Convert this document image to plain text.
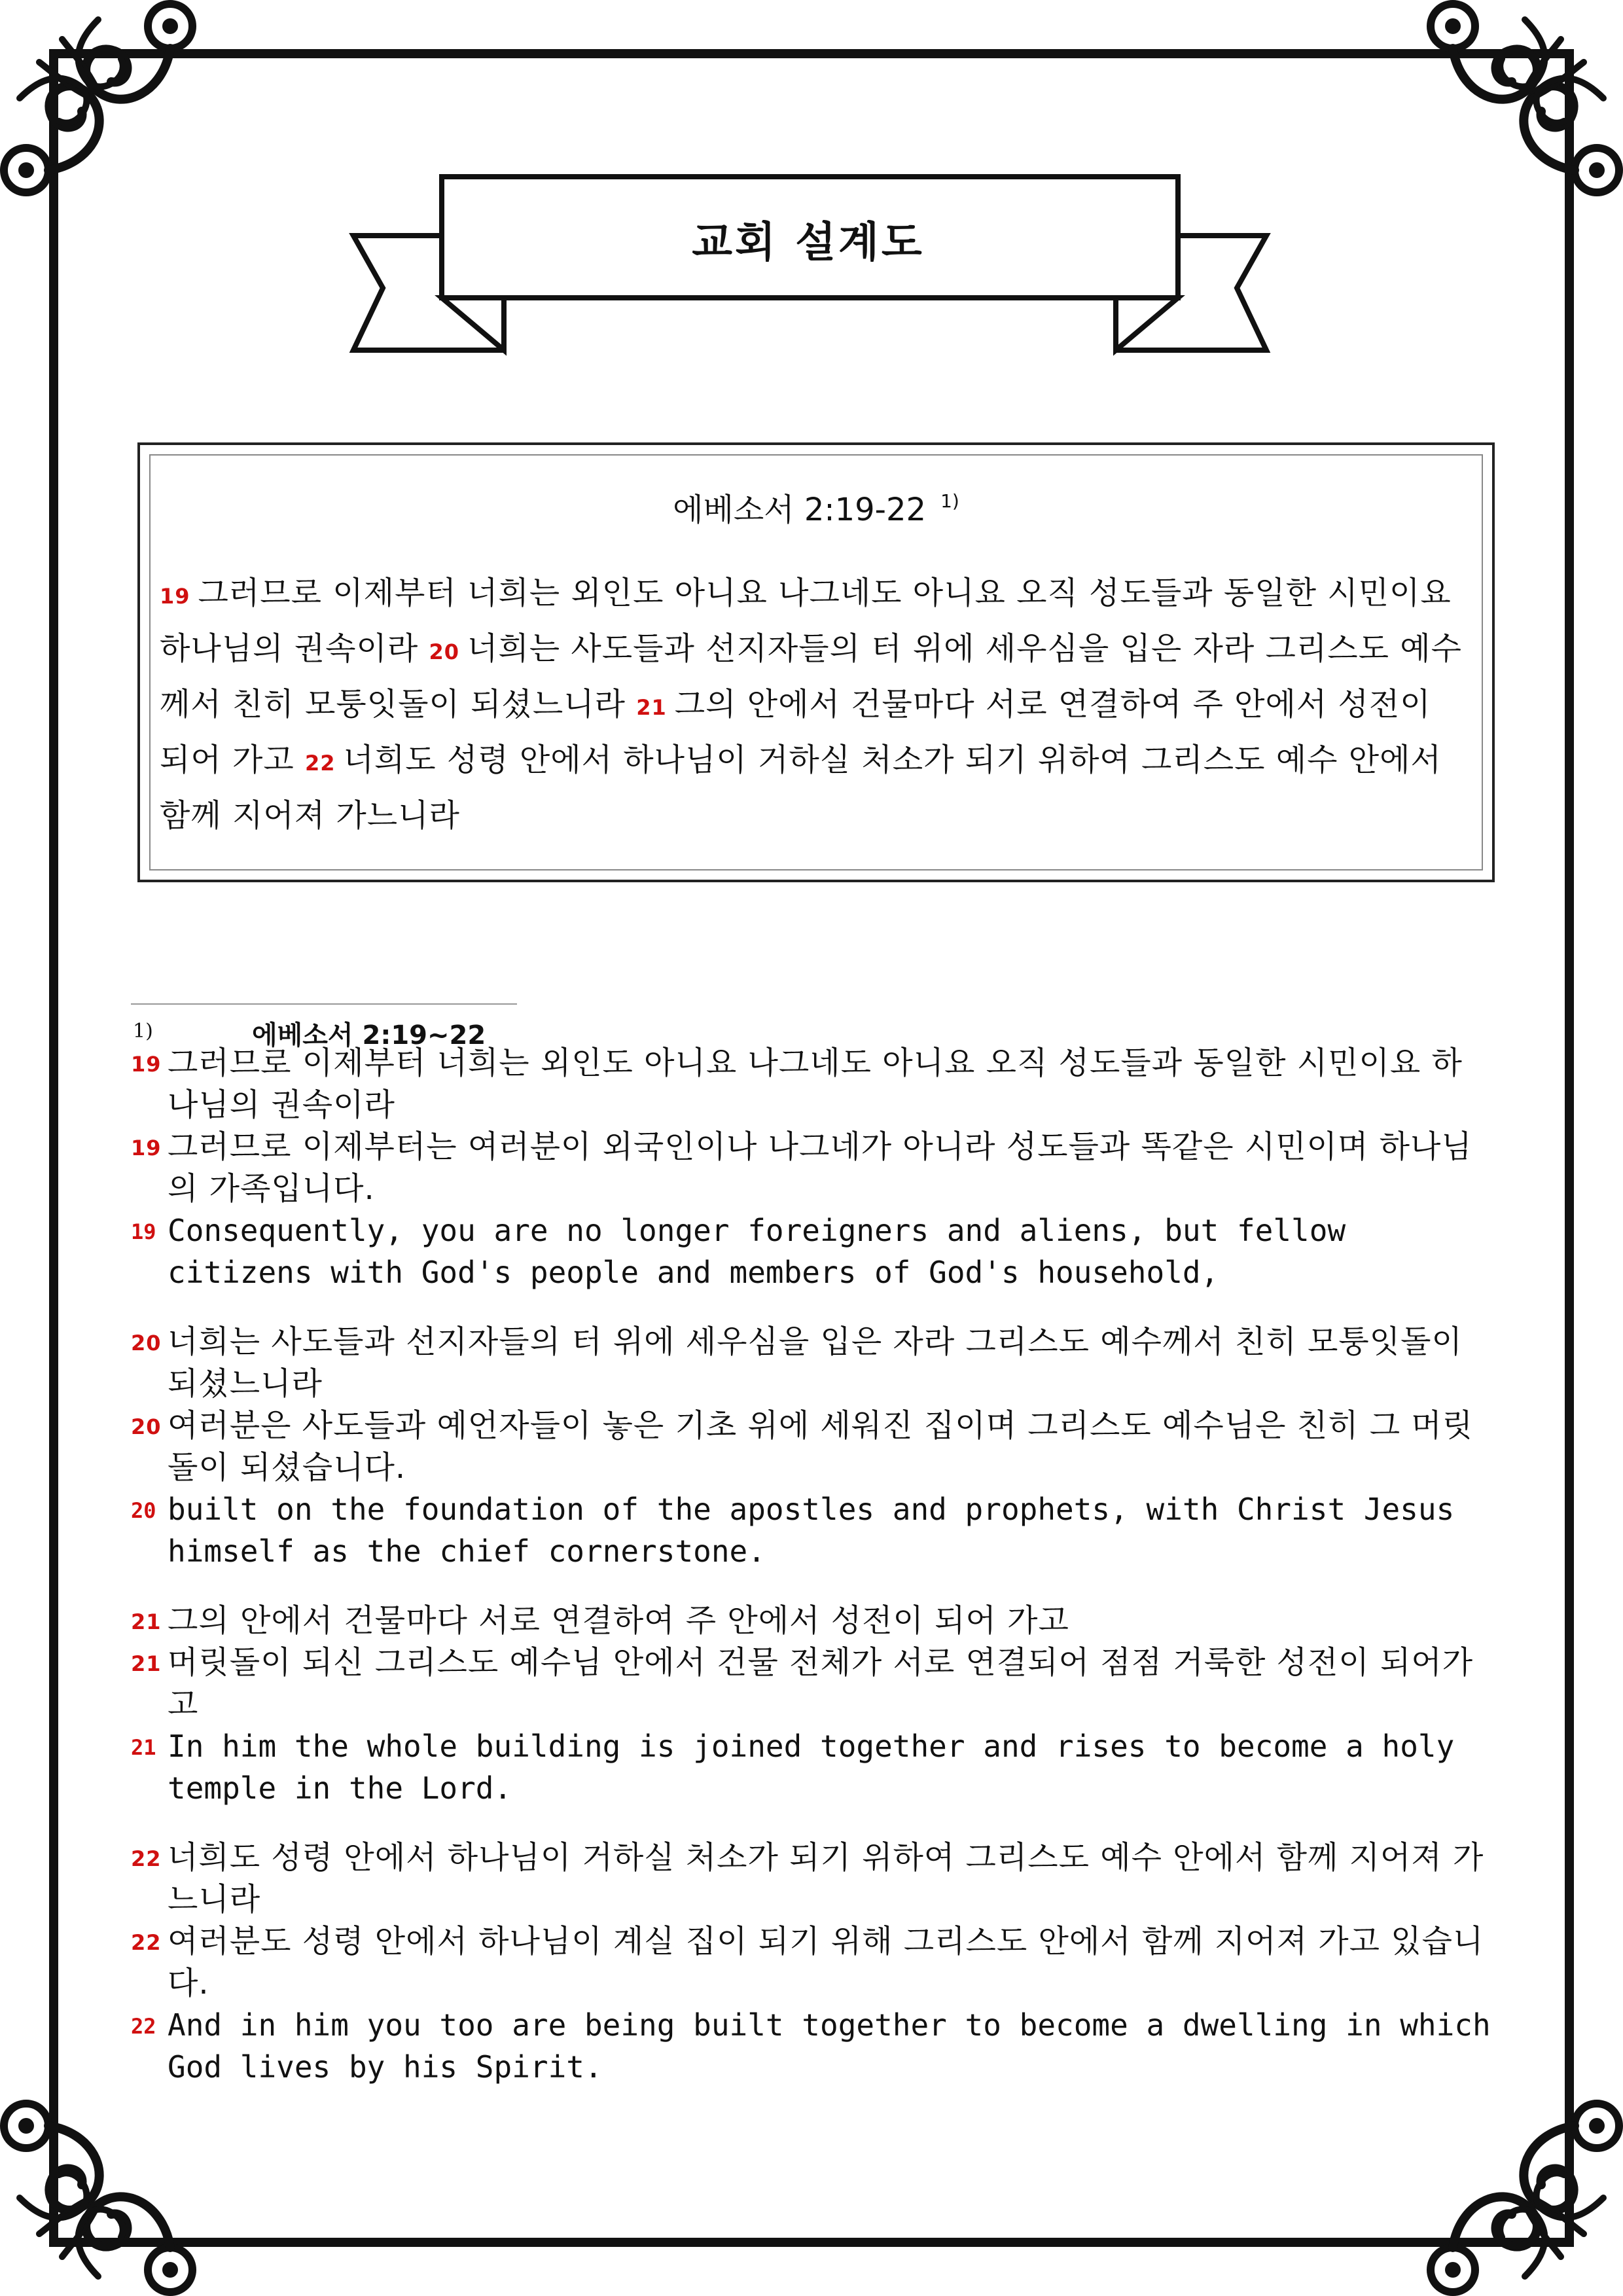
교회 설계도
에베소서 2:19-22 $^{1)}$
19 그러므로 이제부터 너희는 외인도 아니요 나그네도 아니요 오직 성도들과 동일한 시민이요 하나님의 권속이라 20 너희는 사도들과 선지자들의 터 위에 세우심을 입은 자라 그리스도 예수께서 친히 모퉁잇돌이 되셨느니라 21 그의 안에서 건물마다 서로 연결하여 주 안에서 성전이 되어 가고 22 너희도 성령 안에서 하나님이 거하실 처소가 되기 위하여 그리스도 예수 안에서 함께 지어져 가느니라
1)	에베소서 2:19~22
19 그러므로 이제부터 너희는 외인도 아니요 나그네도 아니요 오직 성도들과 동일한 시민이요 하나님의 권속이라
19 그러므로 이제부터는 여러분이 외국인이나 나그네가 아니라 성도들과 똑같은 시민이며 하나님의 가족입니다.
19 Consequently, you are no longer foreigners and aliens, but fellow citizens with God's people and members of God's household,
20 너희는 사도들과 선지자들의 터 위에 세우심을 입은 자라 그리스도 예수께서 친히 모퉁잇돌이 되셨느니라
20 여러분은 사도들과 예언자들이 놓은 기초 위에 세워진 집이며 그리스도 예수님은 친히 그 머릿돌이 되셨습니다.
20 built on the foundation of the apostles and prophets, with Christ Jesus himself as the chief cornerstone.
21 그의 안에서 건물마다 서로 연결하여 주 안에서 성전이 되어 가고
21 머릿돌이 되신 그리스도 예수님 안에서 건물 전체가 서로 연결되어 점점 거룩한 성전이 되어가고
21 In him the whole building is joined together and rises to become a holy temple in the Lord.
22 너희도 성령 안에서 하나님이 거하실 처소가 되기 위하여 그리스도 예수 안에서 함께 지어져 가느니라
22 여러분도 성령 안에서 하나님이 계실 집이 되기 위해 그리스도 안에서 함께 지어져 가고 있습니다.
22 And in him you too are being built together to become a dwelling in which God lives by his Spirit.
